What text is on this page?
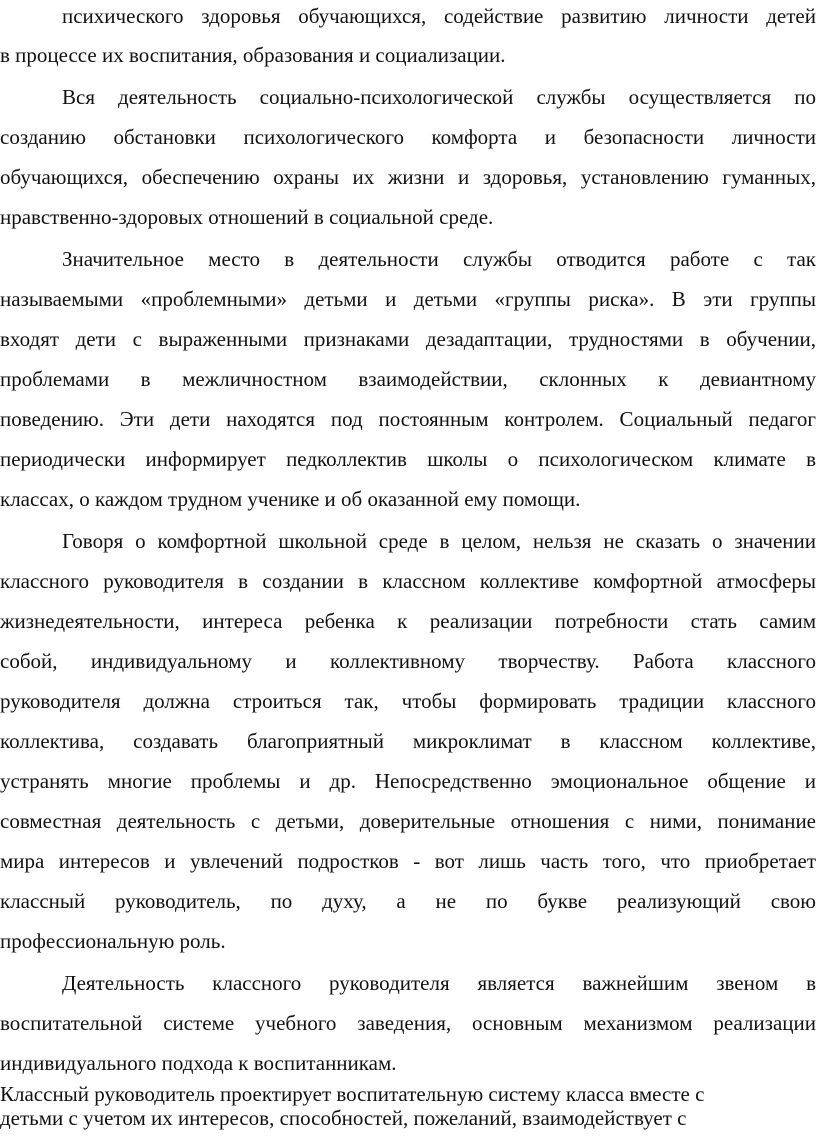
психического здоровья обучающихся, содействие развитию личности детей
в процессе их воспитания, образования и социализации.
Вся деятельность социально-психологической службы осуществляется по
созданию обстановки психологического комфорта и безопасности личности
обучающихся, обеспечению охраны их жизни и здоровья, установлению гуманных,
нравственно-здоровых отношений в социальной среде.
Значительное место в деятельности службы отводится работе с так
называемыми «проблемными» детьми и детьми «группы риска». В эти группы
входят дети с выраженными признаками дезадаптации, трудностями в обучении,
проблемами в межличностном взаимодействии, склонных к девиантному
поведению. Эти дети находятся под постоянным контролем. Социальный педагог
периодически информирует педколлектив школы о психологическом климате в
классах, о каждом трудном ученике и об оказанной ему помощи.
Говоря о комфортной школьной среде в целом, нельзя не сказать о значении
классного руководителя в создании в классном коллективе комфортной атмосферы
жизнедеятельности, интереса ребенка к реализации потребности стать самим
собой, индивидуальному и коллективному творчеству. Работа классного
руководителя должна строиться так, чтобы формировать традиции классного
коллектива, создавать благоприятный микроклимат в классном коллективе,
устранять многие проблемы и др. Непосредственно эмоциональное общение и
совместная деятельность с детьми, доверительные отношения с ними, понимание
мира интересов и увлечений подростков - вот лишь часть того, что приобретает
классный руководитель, по духу, а не по букве реализующий свою
профессиональную роль.
Деятельность классного руководителя является важнейшим звеном в
воспитательной системе учебного заведения, основным механизмом реализации
индивидуального подхода к воспитанникам.
Классный руководитель проектирует воспитательную систему класса вместе с
детьми с учетом их интересов, способностей, пожеланий, взаимодействует с
